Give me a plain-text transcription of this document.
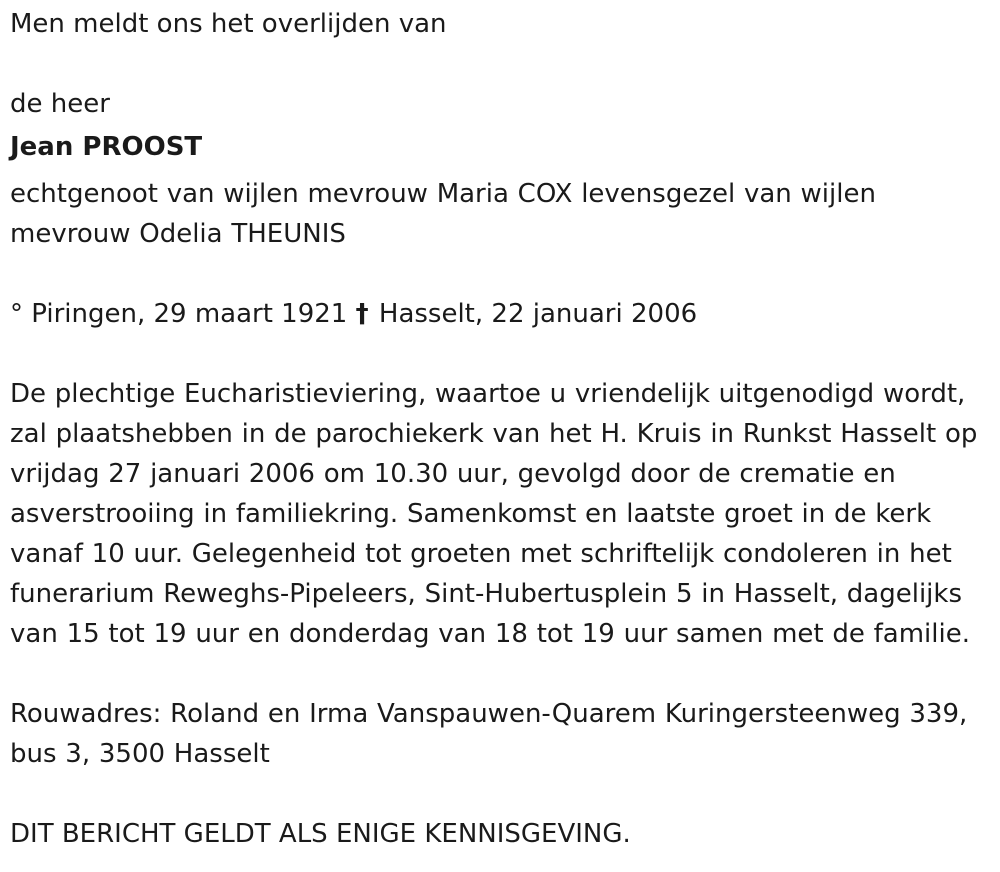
Men meldt ons het overlijden van
de heer
Jean PROOST
echtgenoot van wijlen mevrouw Maria COX levensgezel van wijlen
mevrouw Odelia THEUNIS
° Piringen, 29 maart 1921 † Hasselt, 22 januari 2006
De plechtige Eucharistieviering, waartoe u vriendelijk uitgenodigd wordt,
zal plaatshebben in de parochiekerk van het H. Kruis in Runkst Hasselt op
vrijdag 27 januari 2006 om 10.30 uur, gevolgd door de crematie en
asverstrooiing in familiekring. Samenkomst en laatste groet in de kerk
vanaf 10 uur. Gelegenheid tot groeten met schriftelijk condoleren in het
funerarium Reweghs-Pipeleers, Sint-Hubertusplein 5 in Hasselt, dagelijks
van 15 tot 19 uur en donderdag van 18 tot 19 uur samen met de familie.
Rouwadres: Roland en Irma Vanspauwen-Quarem Kuringersteenweg 339,
bus 3, 3500 Hasselt
DIT BERICHT GELDT ALS ENIGE KENNISGEVING.
